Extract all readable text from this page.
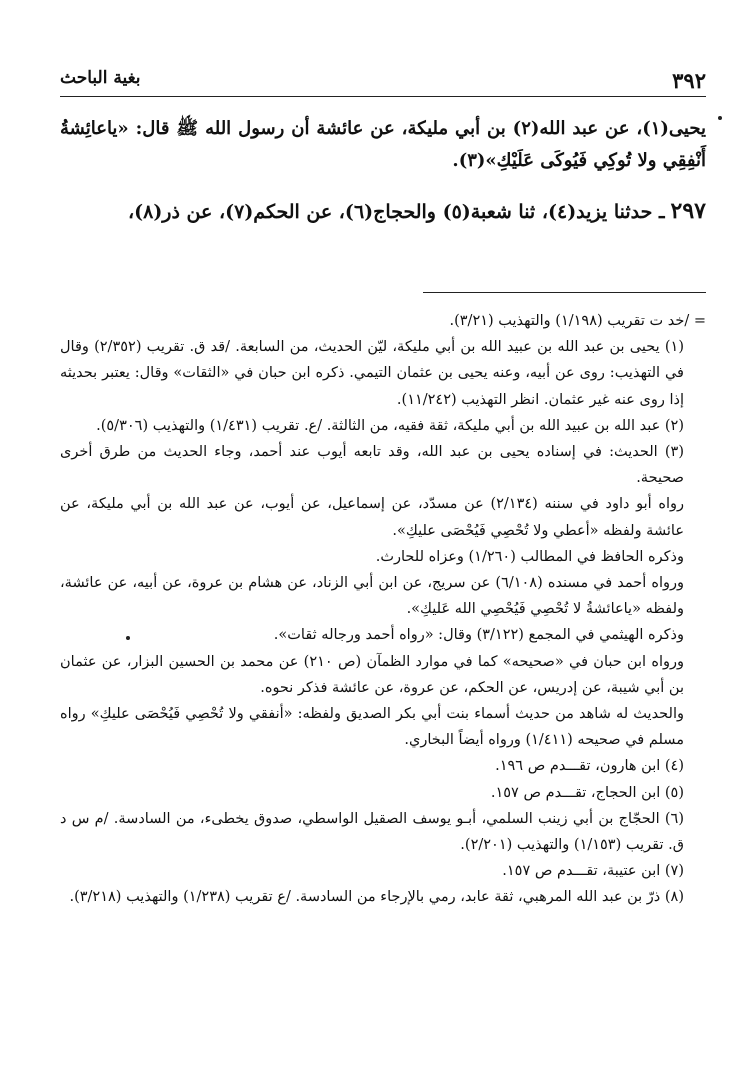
٣٩٢
بغية الباحث

يحيى(١)، عن عبد الله(٢) بن أبي مليكة، عن عائشة أن رسول الله ﷺ قال: «ياعائِشةُ أَنْفِقِي ولا تُوكِي فَيُوكَى عَلَيْكِ»(٣).

٢٩٧ـ حدثنا يزيد(٤)، ثنا شعبة(٥) والحجاج(٦)، عن الحكم(٧)، عن ذر(٨)،

= /خد ت تقريب (١/١٩٨) والتهذيب (٣/٢١).

(١) يحيى بن عبد الله بن عبيد الله بن أبي مليكة، ليّن الحديث، من السابعة. /قد ق. تقريب (٢/٣٥٢) وقال في التهذيب: روى عن أبيه، وعنه يحيى بن عثمان التيمي. ذكره ابن حبان في «الثقات» وقال: يعتبر بحديثه إذا روى عنه غير عثمان. انظر التهذيب (١١/٢٤٢).

(٢) عبد الله بن عبيد الله بن أبي مليكة، ثقة فقيه، من الثالثة. /ع. تقريب (١/٤٣١) والتهذيب (٥/٣٠٦).

(٣) الحديث: في إسناده يحيى بن عبد الله، وقد تابعه أيوب عند أحمد، وجاء الحديث من طرق أخرى صحيحة.

رواه أبو داود في سننه (٢/١٣٤) عن مسدّد، عن إسماعيل، عن أيوب، عن عبد الله بن أبي مليكة، عن عائشة ولفظه «أعطي ولا تُحْصِي فَيُحْصَى عليكِ».

وذكره الحافظ في المطالب (١/٢٦٠) وعزاه للحارث.

ورواه أحمد في مسنده (٦/١٠٨) عن سريج، عن ابن أبي الزناد، عن هشام بن عروة، عن أبيه، عن عائشة، ولفظه «ياعائشةُ لا تُحْصِي فَيُحْصِي الله عَليكِ».

وذكره الهيثمي في المجمع (٣/١٢٢) وقال: «رواه أحمد ورجاله ثقات».

ورواه ابن حبان في «صحيحه» كما في موارد الظمآن (ص ٢١٠) عن محمد بن الحسين البزار، عن عثمان بن أبي شيبة، عن إدريس، عن الحكم، عن عروة، عن عائشة فذكر نحوه.

والحديث له شاهد من حديث أسماء بنت أبي بكر الصديق ولفظه: «أنفقي ولا تُحْصِي فَيُحْصَى عليكِ» رواه مسلم في صحيحه (١/٤١١) ورواه أيضاً البخاري.

(٤) ابن هارون، تقـــدم ص ١٩٦.

(٥) ابن الحجاج، تقـــدم ص ١٥٧.

(٦) الحجّاج بن أبي زينب السلمي، أبـو يوسف الصقيل الواسطي، صدوق يخطىء، من السادسة. /م س د ق. تقريب (١/١٥٣) والتهذيب (٢/٢٠١).

(٧) ابن عتيبة، تقـــدم ص ١٥٧.

(٨) ذرّ بن عبد الله المرهبي، ثقة عابد، رمي بالإرجاء من السادسة. /ع تقريب (١/٢٣٨) والتهذيب (٣/٢١٨).
